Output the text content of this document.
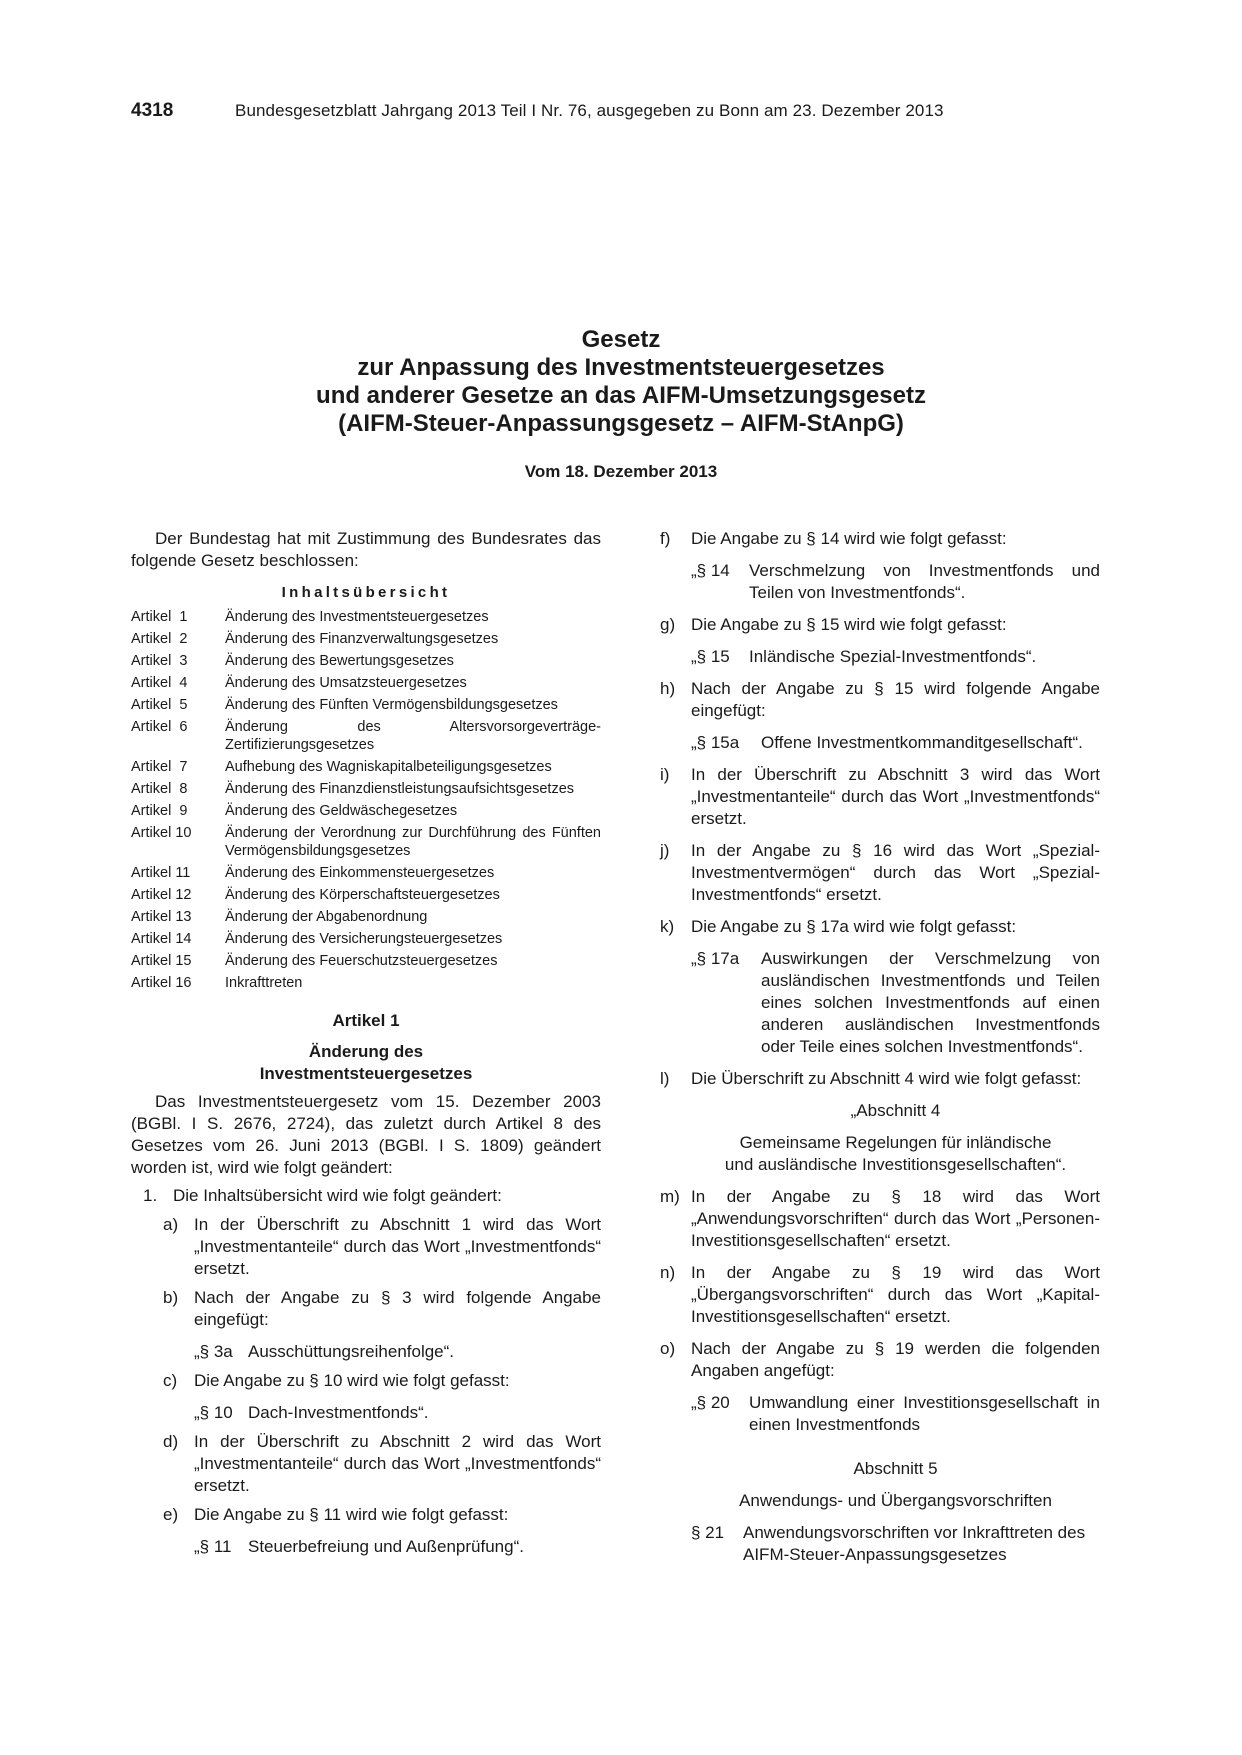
4318	Bundesgesetzblatt Jahrgang 2013 Teil I Nr. 76, ausgegeben zu Bonn am 23. Dezember 2013
Gesetz
zur Anpassung des Investmentsteuergesetzes
und anderer Gesetze an das AIFM-Umsetzungsgesetz
(AIFM-Steuer-Anpassungsgesetz – AIFM-StAnpG)
Vom 18. Dezember 2013

Der Bundestag hat mit Zustimmung des Bundesrates das folgende Gesetz beschlossen:

Inhaltsübersicht
Artikel  1	Änderung des Investmentsteuergesetzes
Artikel  2	Änderung des Finanzverwaltungsgesetzes
Artikel  3	Änderung des Bewertungsgesetzes
Artikel  4	Änderung des Umsatzsteuergesetzes
Artikel  5	Änderung des Fünften Vermögensbildungsgesetzes
Artikel  6	Änderung des Altersvorsorgeverträge-Zertifizierungsgesetzes
Artikel  7	Aufhebung des Wagniskapitalbeteiligungsgesetzes
Artikel  8	Änderung des Finanzdienstleistungsaufsichtsgesetzes
Artikel  9	Änderung des Geldwäschegesetzes
Artikel 10	Änderung der Verordnung zur Durchführung des Fünften Vermögensbildungsgesetzes
Artikel 11	Änderung des Einkommensteuergesetzes
Artikel 12	Änderung des Körperschaftsteuergesetzes
Artikel 13	Änderung der Abgabenordnung
Artikel 14	Änderung des Versicherungsteuergesetzes
Artikel 15	Änderung des Feuerschutzsteuergesetzes
Artikel 16	Inkrafttreten
Artikel 1
Änderung des
Investmentsteuergesetzes

Das Investmentsteuergesetz vom 15. Dezember 2003 (BGBl. I S. 2676, 2724), das zuletzt durch Artikel 8 des Gesetzes vom 26. Juni 2013 (BGBl. I S. 1809) geändert worden ist, wird wie folgt geändert:

1. Die Inhaltsübersicht wird wie folgt geändert:
a) In der Überschrift zu Abschnitt 1 wird das Wort „Investmentanteile“ durch das Wort „Investmentfonds“ ersetzt.
b) Nach der Angabe zu § 3 wird folgende Angabe eingefügt:
„§ 3a Ausschüttungsreihenfolge“.
c) Die Angabe zu § 10 wird wie folgt gefasst:
„§ 10 Dach-Investmentfonds“.
d) In der Überschrift zu Abschnitt 2 wird das Wort „Investmentanteile“ durch das Wort „Investmentfonds“ ersetzt.
e) Die Angabe zu § 11 wird wie folgt gefasst:
„§ 11 Steuerbefreiung und Außenprüfung“.
f)	Die Angabe zu § 14 wird wie folgt gefasst:
„§ 14	Verschmelzung von Investmentfonds und Teilen von Investmentfonds“.
g) Die Angabe zu § 15 wird wie folgt gefasst:
„§ 15	Inländische Spezial-Investmentfonds“.
h) Nach der Angabe zu § 15 wird folgende Angabe eingefügt:
„§ 15a	Offene Investmentkommanditgesellschaft“.
i)	In der Überschrift zu Abschnitt 3 wird das Wort „Investmentanteile“ durch das Wort „Investmentfonds“ ersetzt.
j)	In der Angabe zu § 16 wird das Wort „Spezial-Investmentvermögen“ durch das Wort „Spezial-Investmentfonds“ ersetzt.
k) Die Angabe zu § 17a wird wie folgt gefasst:
„§ 17a	Auswirkungen der Verschmelzung von ausländischen Investmentfonds und Teilen eines solchen Investmentfonds auf einen anderen ausländischen Investmentfonds oder Teile eines solchen Investmentfonds“.
l)	Die Überschrift zu Abschnitt 4 wird wie folgt gefasst:
„Abschnitt 4
Gemeinsame Regelungen für inländische
und ausländische Investitionsgesellschaften“.
m) In der Angabe zu § 18 wird das Wort „Anwendungsvorschriften“ durch das Wort „Personen-Investitionsgesellschaften“ ersetzt.
n) In der Angabe zu § 19 wird das Wort „Übergangsvorschriften“ durch das Wort „Kapital-Investitionsgesellschaften“ ersetzt.
o) Nach der Angabe zu § 19 werden die folgenden Angaben angefügt:
„§ 20	Umwandlung einer Investitionsgesellschaft in einen Investmentfonds
Abschnitt 5
Anwendungs- und Übergangsvorschriften
§ 21	Anwendungsvorschriften vor Inkrafttreten des AIFM-Steuer-Anpassungsgesetzes
